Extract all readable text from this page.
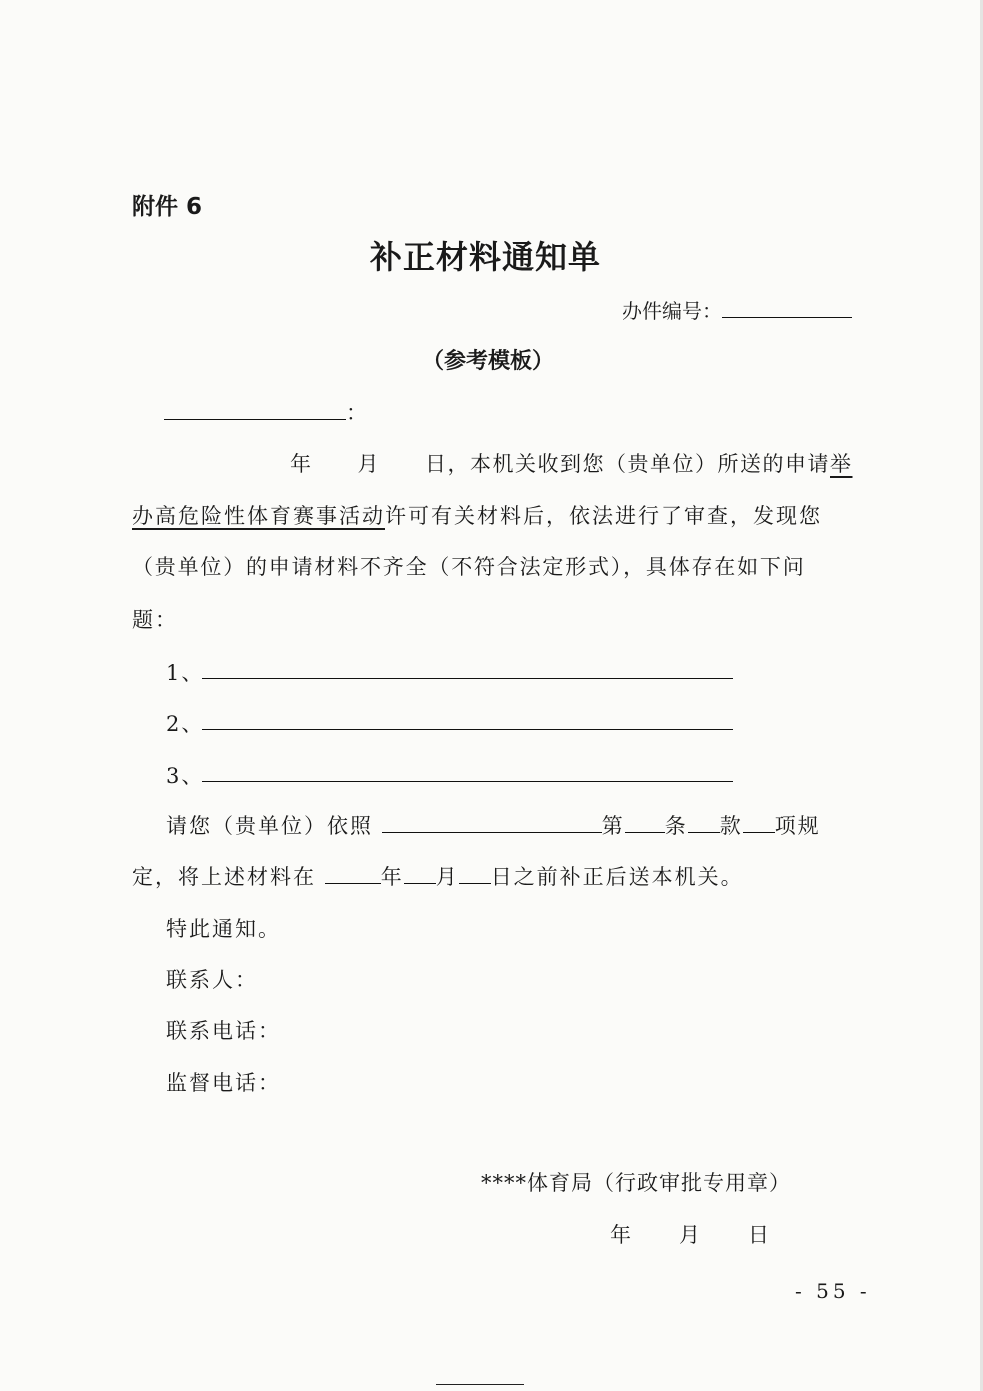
附件 6
补正材料通知单
办件编号：
（参考模板）
：
年　　月　　日，本机关收到您（贵单位）所送的申请举
办高危险性体育赛事活动许可有关材料后，依法进行了审查，发现您
（贵单位）的申请材料不齐全（不符合法定形式），具体存在如下问
题：
1、
2、
3、
请您（贵单位）依照	第 条 款 项规
定，将上述材料在	年 月 日之前补正后送本机关。
特此通知。
联系人：
联系电话：
监督电话：
****体育局（行政审批专用章）
年　　月　　日
- 55 -
